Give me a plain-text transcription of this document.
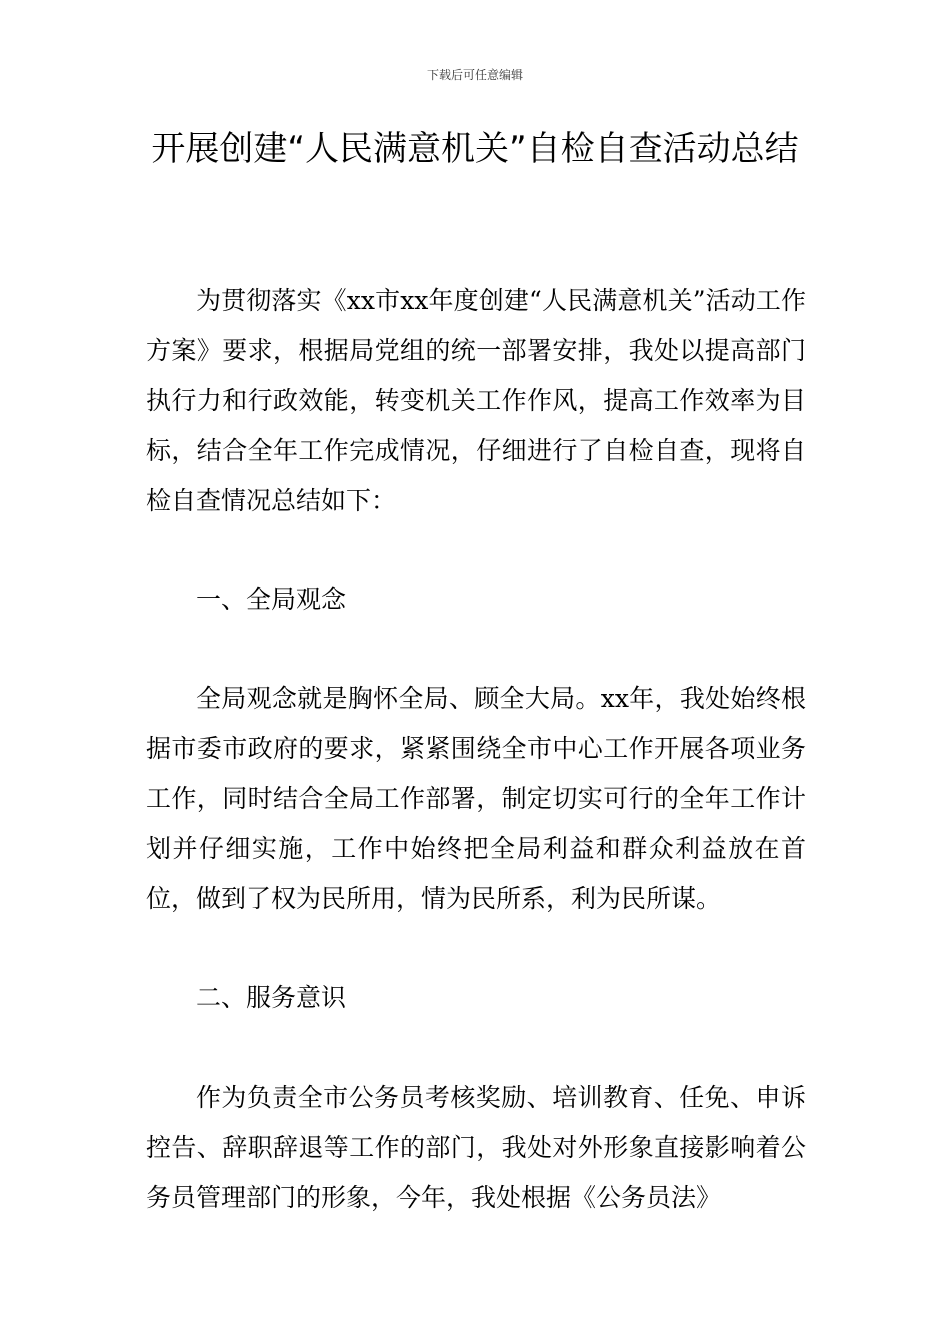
下载后可任意编辑
开展创建“人民满意机关”自检自查活动总结

为贯彻落实《xx市xx年度创建“人民满意机关”活动工作方案》要求，根据局党组的统一部署安排，我处以提高部门执行力和行政效能，转变机关工作作风，提高工作效率为目标，结合全年工作完成情况，仔细进行了自检自查，现将自检自查情况总结如下：

一、全局观念

全局观念就是胸怀全局、顾全大局。xx年，我处始终根据市委市政府的要求，紧紧围绕全市中心工作开展各项业务工作，同时结合全局工作部署，制定切实可行的全年工作计划并仔细实施，工作中始终把全局利益和群众利益放在首位，做到了权为民所用，情为民所系，利为民所谋。

二、服务意识

作为负责全市公务员考核奖励、培训教育、任免、申诉控告、辞职辞退等工作的部门，我处对外形象直接影响着公务员管理部门的形象，今年，我处根据《公务员法》
